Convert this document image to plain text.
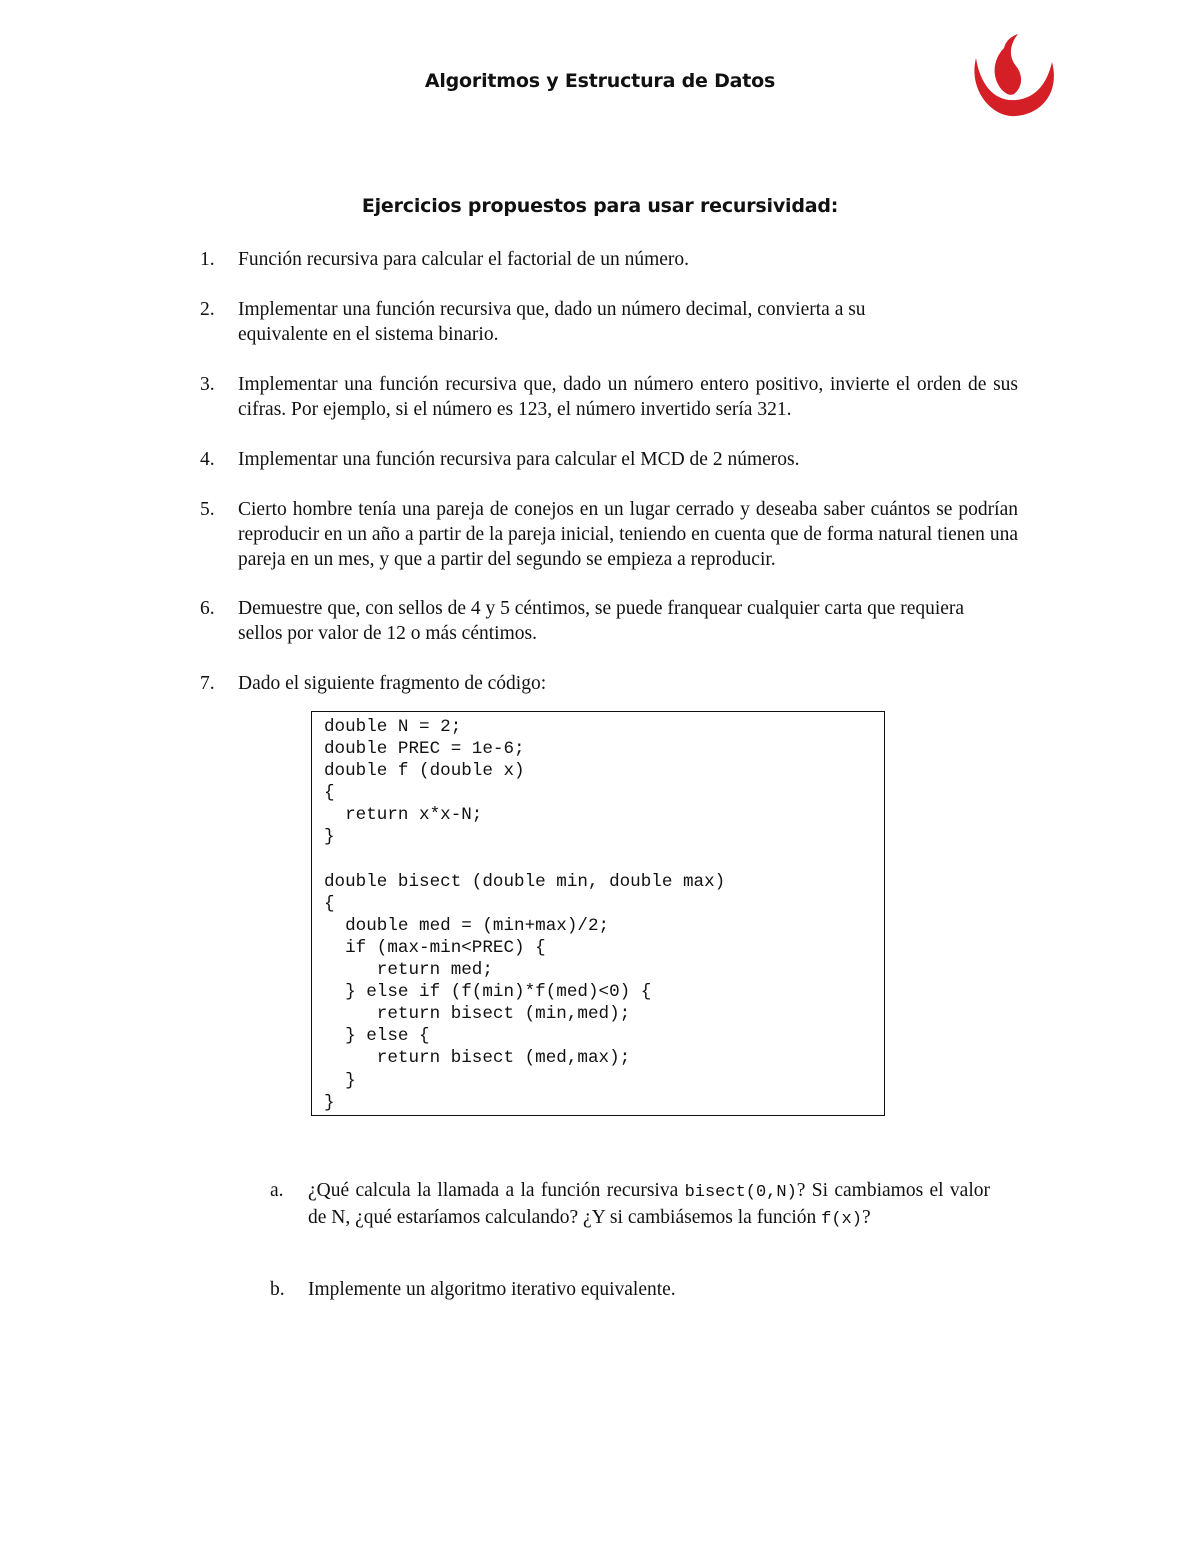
Algoritmos y Estructura de Datos
Ejercicios propuestos para usar recursividad:
1.	Función recursiva para calcular el factorial de un número.
2.	Implementar una función recursiva que, dado un número decimal, convierta a su equivalente en el sistema binario.
3.	Implementar una función recursiva que, dado un número entero positivo, invierte el orden de sus cifras. Por ejemplo, si el número es 123, el número invertido sería 321.
4.	Implementar una función recursiva para calcular el MCD de 2 números.
5.	Cierto hombre tenía una pareja de conejos en un lugar cerrado y deseaba saber cuántos se podrían reproducir en un año a partir de la pareja inicial, teniendo en cuenta que de forma natural tienen una pareja en un mes, y que a partir del segundo se empieza a reproducir.
6.	Demuestre que, con sellos de 4 y 5 céntimos, se puede franquear cualquier carta que requiera sellos por valor de 12 o más céntimos.
7.	Dado el siguiente fragmento de código:
double N = 2;
double PREC = 1e-6;
double f (double x)
{
return x*x-N;
}

double bisect (double min, double max)
{
double med = (min+max)/2;
if (max-min<PREC) {
return med;
} else if (f(min)*f(med)<0) {
return bisect (min,med);
} else {
return bisect (med,max);
}
}
a.	¿Qué calcula la llamada a la función recursiva bisect(0,N)? Si cambiamos el valor de N, ¿qué estaríamos calculando? ¿Y si cambiásemos la función f(x)?
b.	Implemente un algoritmo iterativo equivalente.
